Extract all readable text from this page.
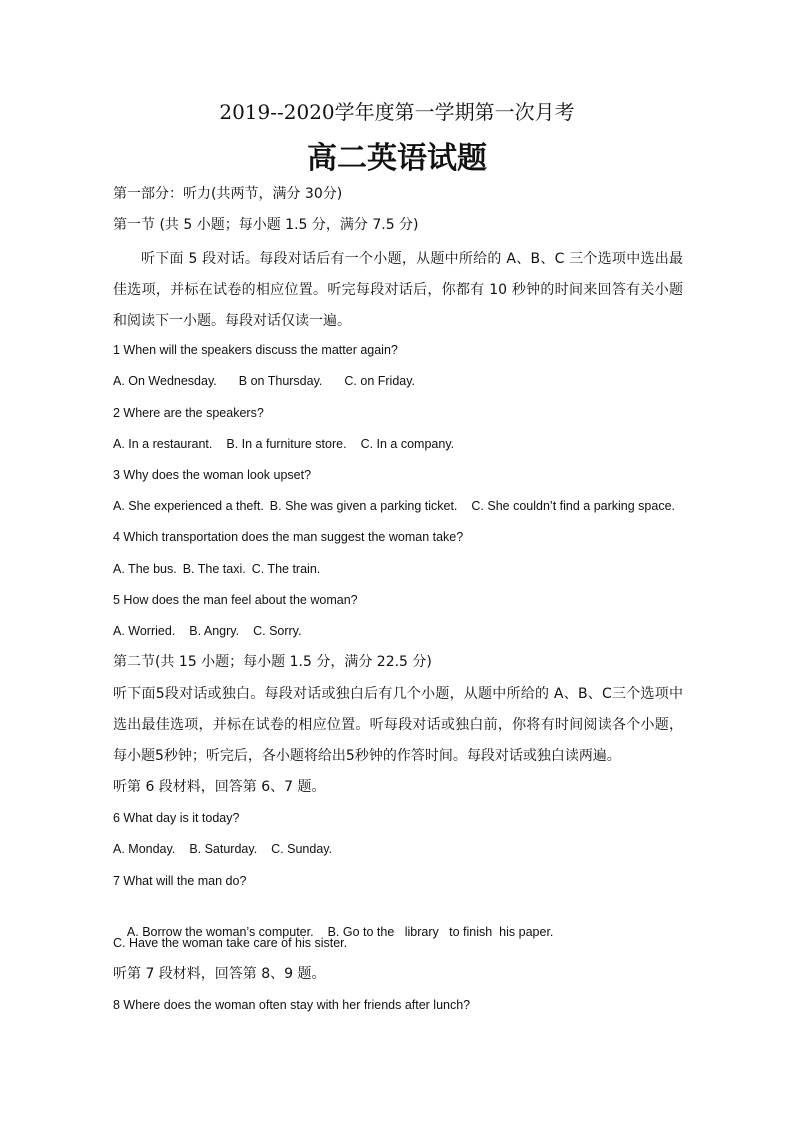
2019--2020学年度第一学期第一次月考
高二英语试题
第一部分：听力(共两节，满分 30分)
第一节 (共 5 小题；每小题 1.5 分，满分 7.5 分)
听下面 5 段对话。每段对话后有一个小题，从题中所给的 A、B、C 三个选项中选出最佳选项，并标在试卷的相应位置。听完每段对话后，你都有 10 秒钟的时间来回答有关小题和阅读下一小题。每段对话仅读一遍。
1 When will the speakers discuss the matter again?
A. On Wednesday. B on Thursday. C. on Friday.
2 Where are the speakers?
A. In a restaurant. B. In a furniture store. C. In a company.
3 Why does the woman look upset?
A. She experienced a theft. B. She was given a parking ticket. C. She couldn’t find a parking space.
4 Which transportation does the man suggest the woman take?
A. The bus. B. The taxi. C. The train.
5 How does the man feel about the woman?
A. Worried. B. Angry. C. Sorry.
第二节(共 15 小题；每小题 1.5 分，满分 22.5 分)
听下面5段对话或独白。每段对话或独白后有几个小题，从题中所给的 A、B、C三个选项中选出最佳选项，并标在试卷的相应位置。听每段对话或独白前，你将有时间阅读各个小题，每小题5秒钟；听完后，各小题将给出5秒钟的作答时间。每段对话或独白读两遍。
听第 6 段材料，回答第 6、7 题。
6 What day is it today?
A. Monday. B. Saturday. C. Sunday.
7 What will the man do?

A. Borrow the woman’s computer. B. Go to the   library   to finish  his paper.

C. Have the woman take care of his sister.
听第 7 段材料，回答第 8、9 题。
8 Where does the woman often stay with her friends after lunch?
